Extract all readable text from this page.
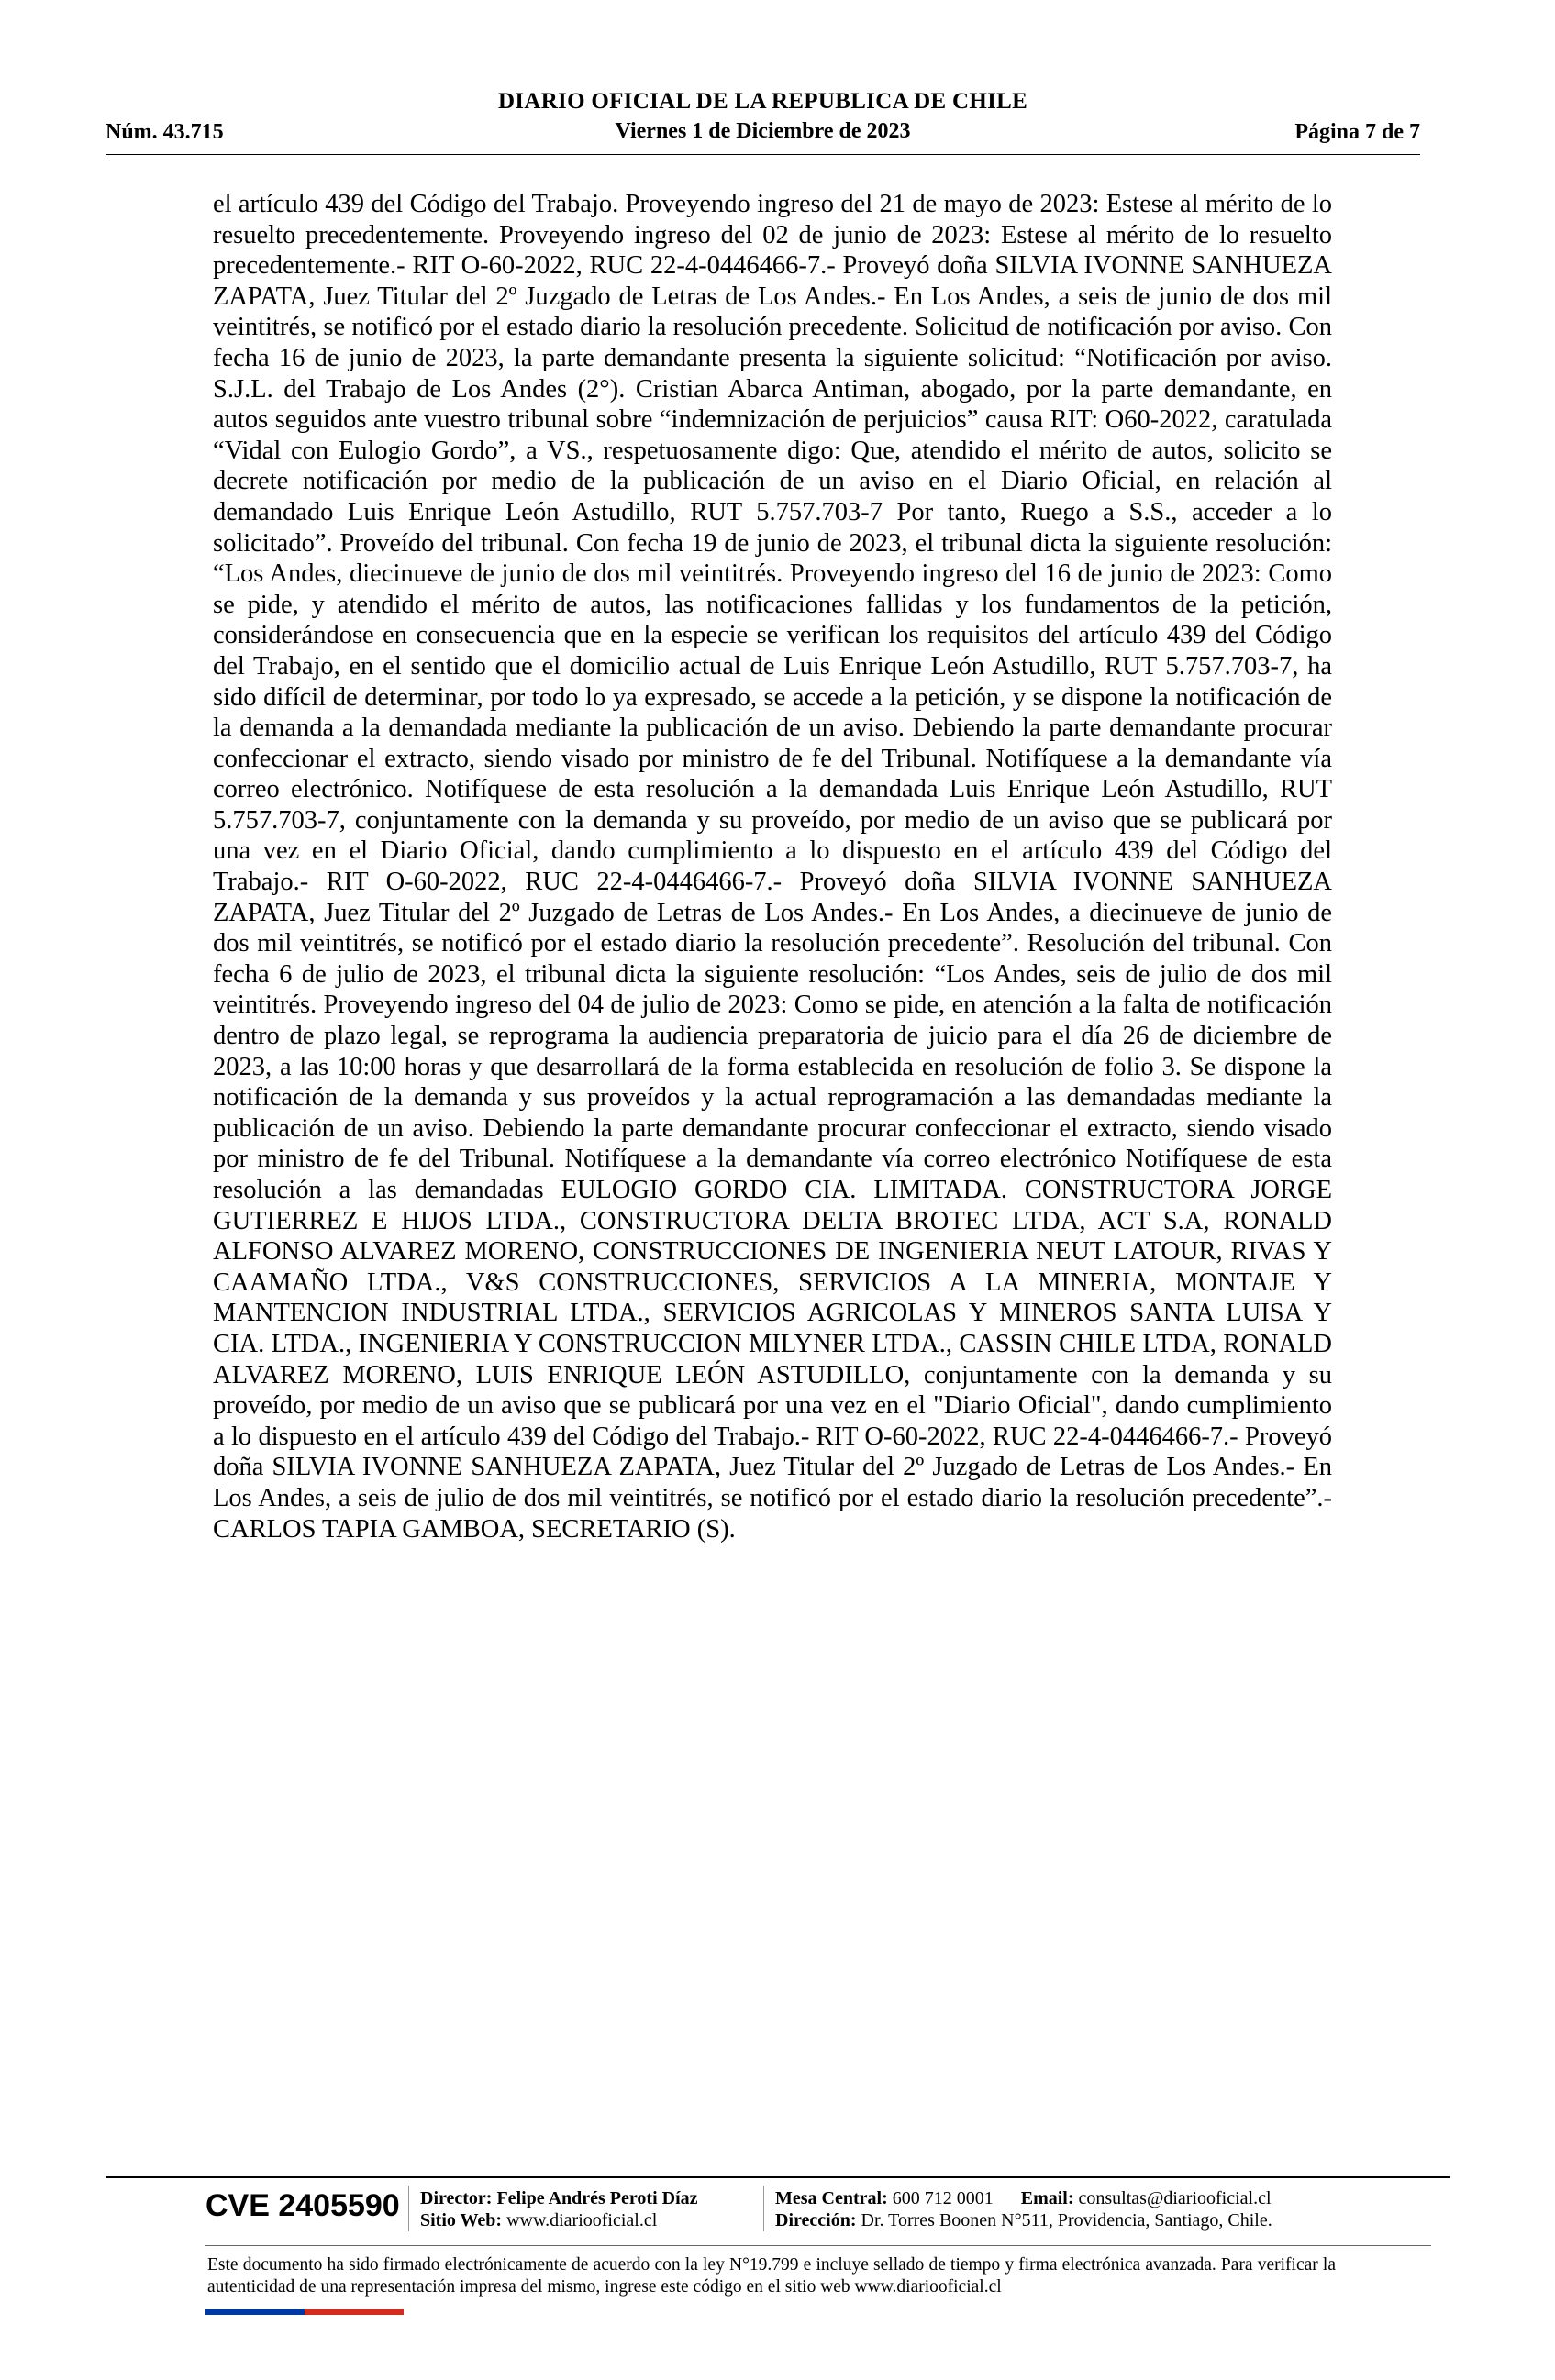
Núm. 43.715
DIARIO OFICIAL DE LA REPUBLICA DE CHILE
Viernes 1 de Diciembre de 2023	Página 7 de 7

el artículo 439 del Código del Trabajo. Proveyendo ingreso del 21 de mayo de 2023: Estese al mérito de lo resuelto precedentemente. Proveyendo ingreso del 02 de junio de 2023: Estese al mérito de lo resuelto precedentemente.- RIT O-60-2022, RUC 22-4-0446466-7.- Proveyó doña SILVIA IVONNE SANHUEZA ZAPATA, Juez Titular del 2º Juzgado de Letras de Los Andes.- En Los Andes, a seis de junio de dos mil veintitrés, se notificó por el estado diario la resolución precedente. Solicitud de notificación por aviso. Con fecha 16 de junio de 2023, la parte demandante presenta la siguiente solicitud: “Notificación por aviso. S.J.L. del Trabajo de Los Andes (2°). Cristian Abarca Antiman, abogado, por la parte demandante, en autos seguidos ante vuestro tribunal sobre “indemnización de perjuicios” causa RIT: O60-2022, caratulada “Vidal con Eulogio Gordo”, a VS., respetuosamente digo: Que, atendido el mérito de autos, solicito se decrete notificación por medio de la publicación de un aviso en el Diario Oficial, en relación al demandado Luis Enrique León Astudillo, RUT 5.757.703-7 Por tanto, Ruego a S.S., acceder a lo solicitado”. Proveído del tribunal. Con fecha 19 de junio de 2023, el tribunal dicta la siguiente resolución: “Los Andes, diecinueve de junio de dos mil veintitrés. Proveyendo ingreso del 16 de junio de 2023: Como se pide, y atendido el mérito de autos, las notificaciones fallidas y los fundamentos de la petición, considerándose en consecuencia que en la especie se verifican los requisitos del artículo 439 del Código del Trabajo, en el sentido que el domicilio actual de Luis Enrique León Astudillo, RUT 5.757.703-7, ha sido difícil de determinar, por todo lo ya expresado, se accede a la petición, y se dispone la notificación de la demanda a la demandada mediante la publicación de un aviso. Debiendo la parte demandante procurar confeccionar el extracto, siendo visado por ministro de fe del Tribunal. Notifíquese a la demandante vía correo electrónico. Notifíquese de esta resolución a la demandada Luis Enrique León Astudillo, RUT 5.757.703-7, conjuntamente con la demanda y su proveído, por medio de un aviso que se publicará por una vez en el Diario Oficial, dando cumplimiento a lo dispuesto en el artículo 439 del Código del Trabajo.- RIT O-60-2022, RUC 22-4-0446466-7.- Proveyó doña SILVIA IVONNE SANHUEZA ZAPATA, Juez Titular del 2º Juzgado de Letras de Los Andes.- En Los Andes, a diecinueve de junio de dos mil veintitrés, se notificó por el estado diario la resolución precedente”. Resolución del tribunal. Con fecha 6 de julio de 2023, el tribunal dicta la siguiente resolución: “Los Andes, seis de julio de dos mil veintitrés. Proveyendo ingreso del 04 de julio de 2023: Como se pide, en atención a la falta de notificación dentro de plazo legal, se reprograma la audiencia preparatoria de juicio para el día 26 de diciembre de 2023, a las 10:00 horas y que desarrollará de la forma establecida en resolución de folio 3. Se dispone la notificación de la demanda y sus proveídos y la actual reprogramación a las demandadas mediante la publicación de un aviso. Debiendo la parte demandante procurar confeccionar el extracto, siendo visado por ministro de fe del Tribunal. Notifíquese a la demandante vía correo electrónico Notifíquese de esta resolución a las demandadas EULOGIO GORDO CIA. LIMITADA. CONSTRUCTORA JORGE GUTIERREZ E HIJOS LTDA., CONSTRUCTORA DELTA BROTEC LTDA, ACT S.A, RONALD ALFONSO ALVAREZ MORENO, CONSTRUCCIONES DE INGENIERIA NEUT LATOUR, RIVAS Y CAAMAÑO LTDA., V&S CONSTRUCCIONES, SERVICIOS A LA MINERIA, MONTAJE Y MANTENCION INDUSTRIAL LTDA., SERVICIOS AGRICOLAS Y MINEROS SANTA LUISA Y CIA. LTDA., INGENIERIA Y CONSTRUCCION MILYNER LTDA., CASSIN CHILE LTDA, RONALD ALVAREZ MORENO, LUIS ENRIQUE LEÓN ASTUDILLO, conjuntamente con la demanda y su proveído, por medio de un aviso que se publicará por una vez en el "Diario Oficial", dando cumplimiento a lo dispuesto en el artículo 439 del Código del Trabajo.- RIT O-60-2022, RUC 22-4-0446466-7.- Proveyó doña SILVIA IVONNE SANHUEZA ZAPATA, Juez Titular del 2º Juzgado de Letras de Los Andes.- En Los Andes, a seis de julio de dos mil veintitrés, se notificó por el estado diario la resolución precedente”.- CARLOS TAPIA GAMBOA, SECRETARIO (S).

CVE 2405590 Director: Felipe Andrés Peroti Díaz
Sitio Web: www.diariooficial.cl
Mesa Central: 600 712 0001 Email: consultas@diariooficial.cl
Dirección: Dr. Torres Boonen N°511, Providencia, Santiago, Chile.
Este documento ha sido firmado electrónicamente de acuerdo con la ley N°19.799 e incluye sellado de tiempo y firma electrónica avanzada. Para verificar la autenticidad de una representación impresa del mismo, ingrese este código en el sitio web www.diariooficial.cl
